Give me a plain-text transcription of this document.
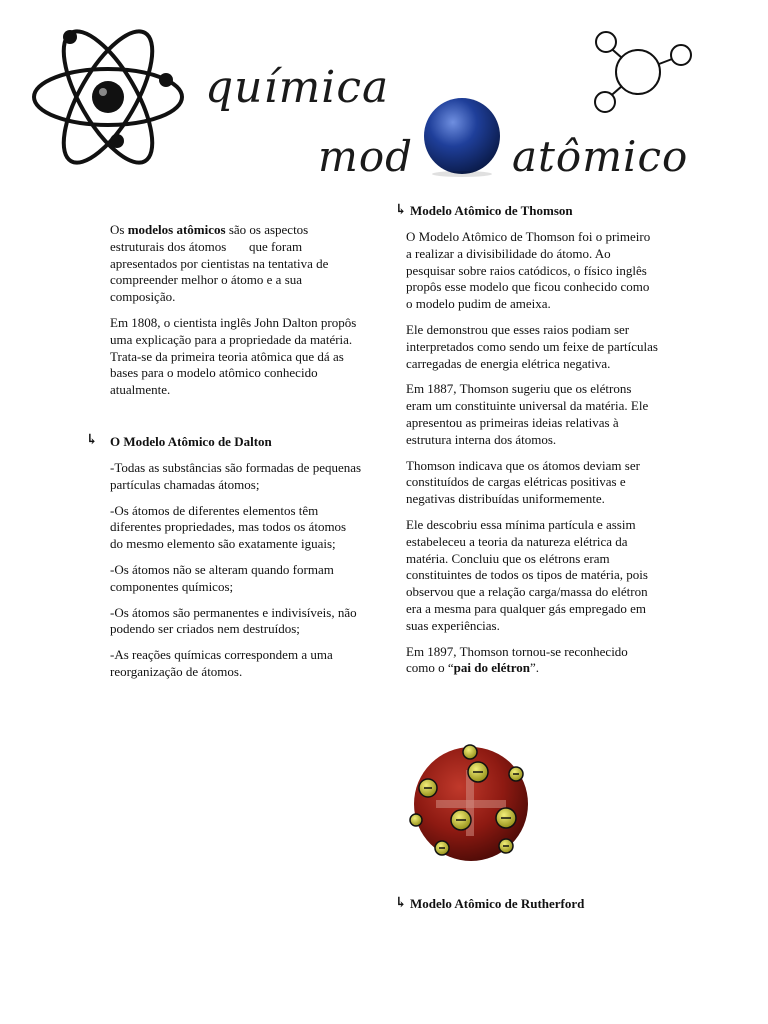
química
mod atômico

Os modelos atômicos são os aspectos estruturais dos átomos       que foram apresentados por cientistas na tentativa de compreender melhor o átomo e a sua composição.

Em 1808, o cientista inglês John Dalton propôs uma explicação para a propriedade da matéria. Trata-se da primeira teoria atômica que dá as bases para o modelo atômico conhecido atualmente.

↳ O Modelo Atômico de Dalton

-Todas as substâncias são formadas de pequenas partículas chamadas átomos;

-Os átomos de diferentes elementos têm diferentes propriedades, mas todos os átomos do mesmo elemento são exatamente iguais;

-Os átomos não se alteram quando formam componentes químicos;

-Os átomos são permanentes e indivisíveis, não podendo ser criados nem destruídos;

-As reações químicas correspondem a uma reorganização de átomos.

↳ Modelo Atômico de Thomson

O Modelo Atômico de Thomson foi o primeiro a realizar a divisibilidade do átomo. Ao pesquisar sobre raios catódicos, o físico inglês propôs esse modelo que ficou conhecido como o modelo pudim de ameixa.

Ele demonstrou que esses raios podiam ser interpretados como sendo um feixe de partículas carregadas de energia elétrica negativa.

Em 1887, Thomson sugeriu que os elétrons eram um constituinte universal da matéria. Ele apresentou as primeiras ideias relativas à estrutura interna dos átomos.

Thomson indicava que os átomos deviam ser constituídos de cargas elétricas positivas e negativas distribuídas uniformemente.

Ele descobriu essa mínima partícula e assim estabeleceu a teoria da natureza elétrica da matéria. Concluiu que os elétrons eram constituintes de todos os tipos de matéria, pois observou que a relação carga/massa do elétron era a mesma para qualquer gás empregado em suas experiências.

Em 1897, Thomson tornou-se reconhecido como o “pai do elétron”.

↳ Modelo Atômico de Rutherford
